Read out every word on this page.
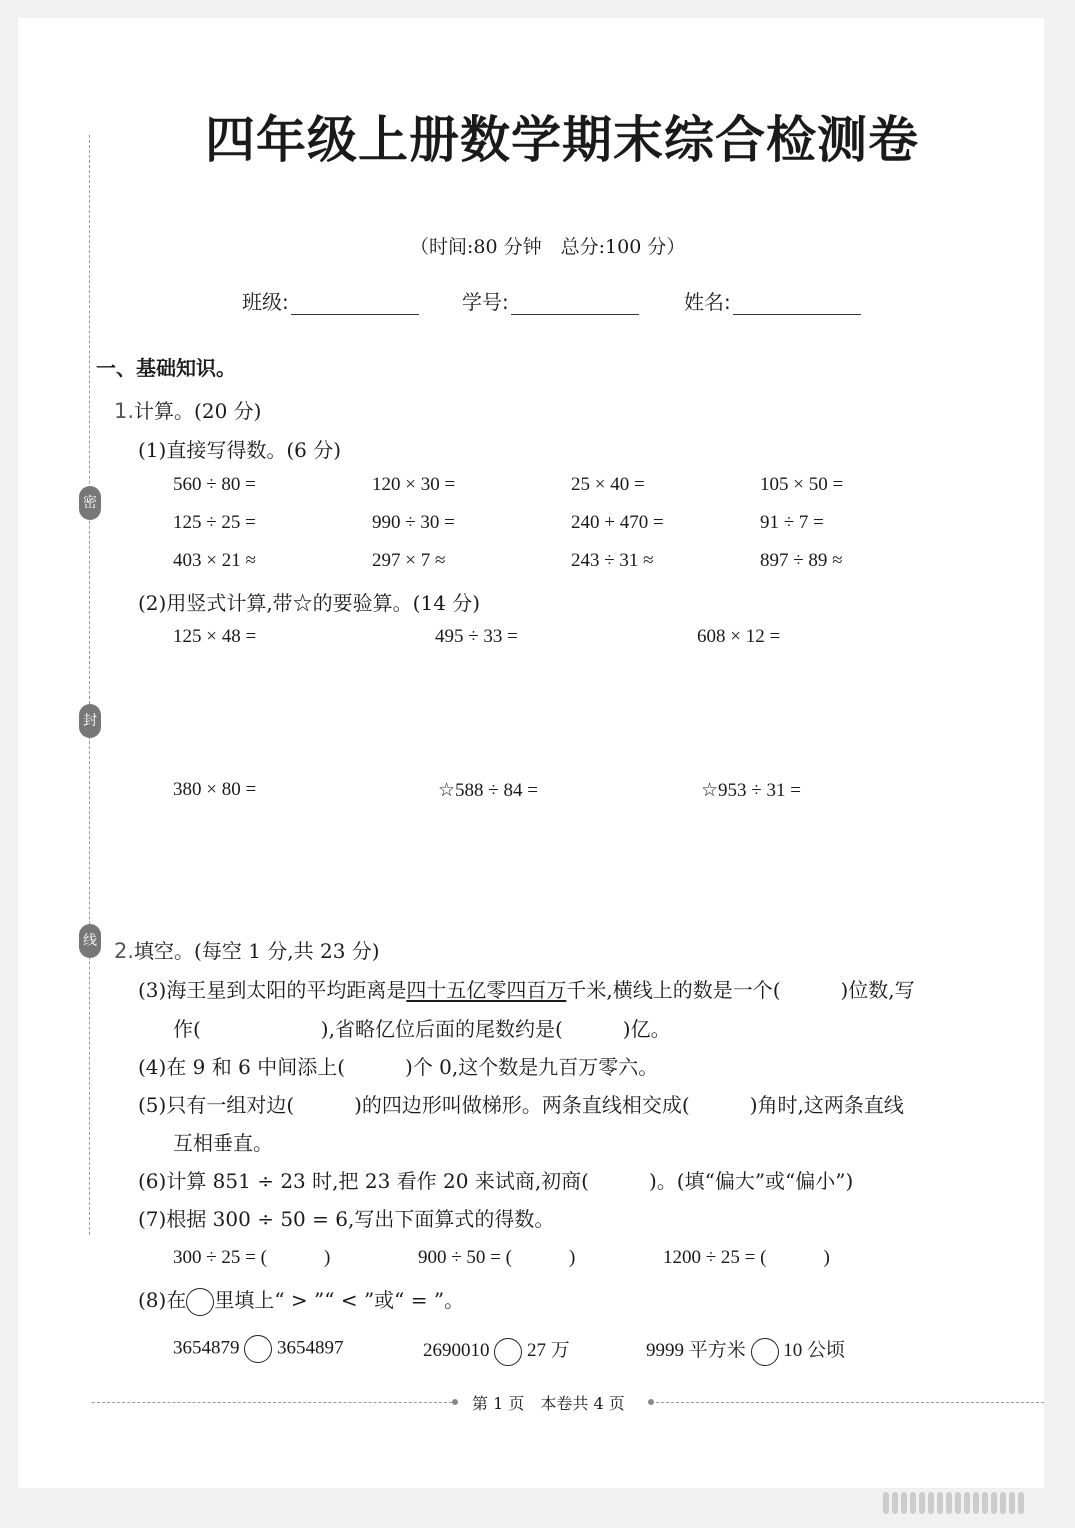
密
封
线
四年级上册数学期末综合检测卷
（时间:80 分钟　总分:100 分）
班级:	学号:	姓名:
一、基础知识。
1.计算。(20 分)
(1)直接写得数。(6 分)
560 ÷ 80 =	120 × 30 =	25 × 40 =	105 × 50 =
125 ÷ 25 =	990 ÷ 30 =	240 + 470 =	91 ÷ 7 =
403 × 21 ≈	297 × 7 ≈	243 ÷ 31 ≈	897 ÷ 89 ≈
(2)用竖式计算,带☆的要验算。(14 分)
125 × 48 =	495 ÷ 33 =	608 × 12 =
380 × 80 =	☆588 ÷ 84 =	☆953 ÷ 31 =
2.填空。(每空 1 分,共 23 分)
(3)海王星到太阳的平均距离是四十五亿零四百万千米,横线上的数是一个(　　　)位数,写
作(　　　　　　),省略亿位后面的尾数约是(　　　)亿。
(4)在 9 和 6 中间添上(　　　)个 0,这个数是九百万零六。
(5)只有一组对边(　　　)的四边形叫做梯形。两条直线相交成(　　　)角时,这两条直线
互相垂直。
(6)计算 851 ÷ 23 时,把 23 看作 20 来试商,初商(　　　)。(填“偏大”或“偏小”)
(7)根据 300 ÷ 50 = 6,写出下面算式的得数。
300 ÷ 25 = (　　　)	900 ÷ 50 = (　　　)	1200 ÷ 25 = (　　　)
(8)在 里填上“ > ”“ < ”或“ = ”。
3654879 3654897	2690010 27 万	9999 平方米 10 公顷
第 1 页　本卷共 4 页
